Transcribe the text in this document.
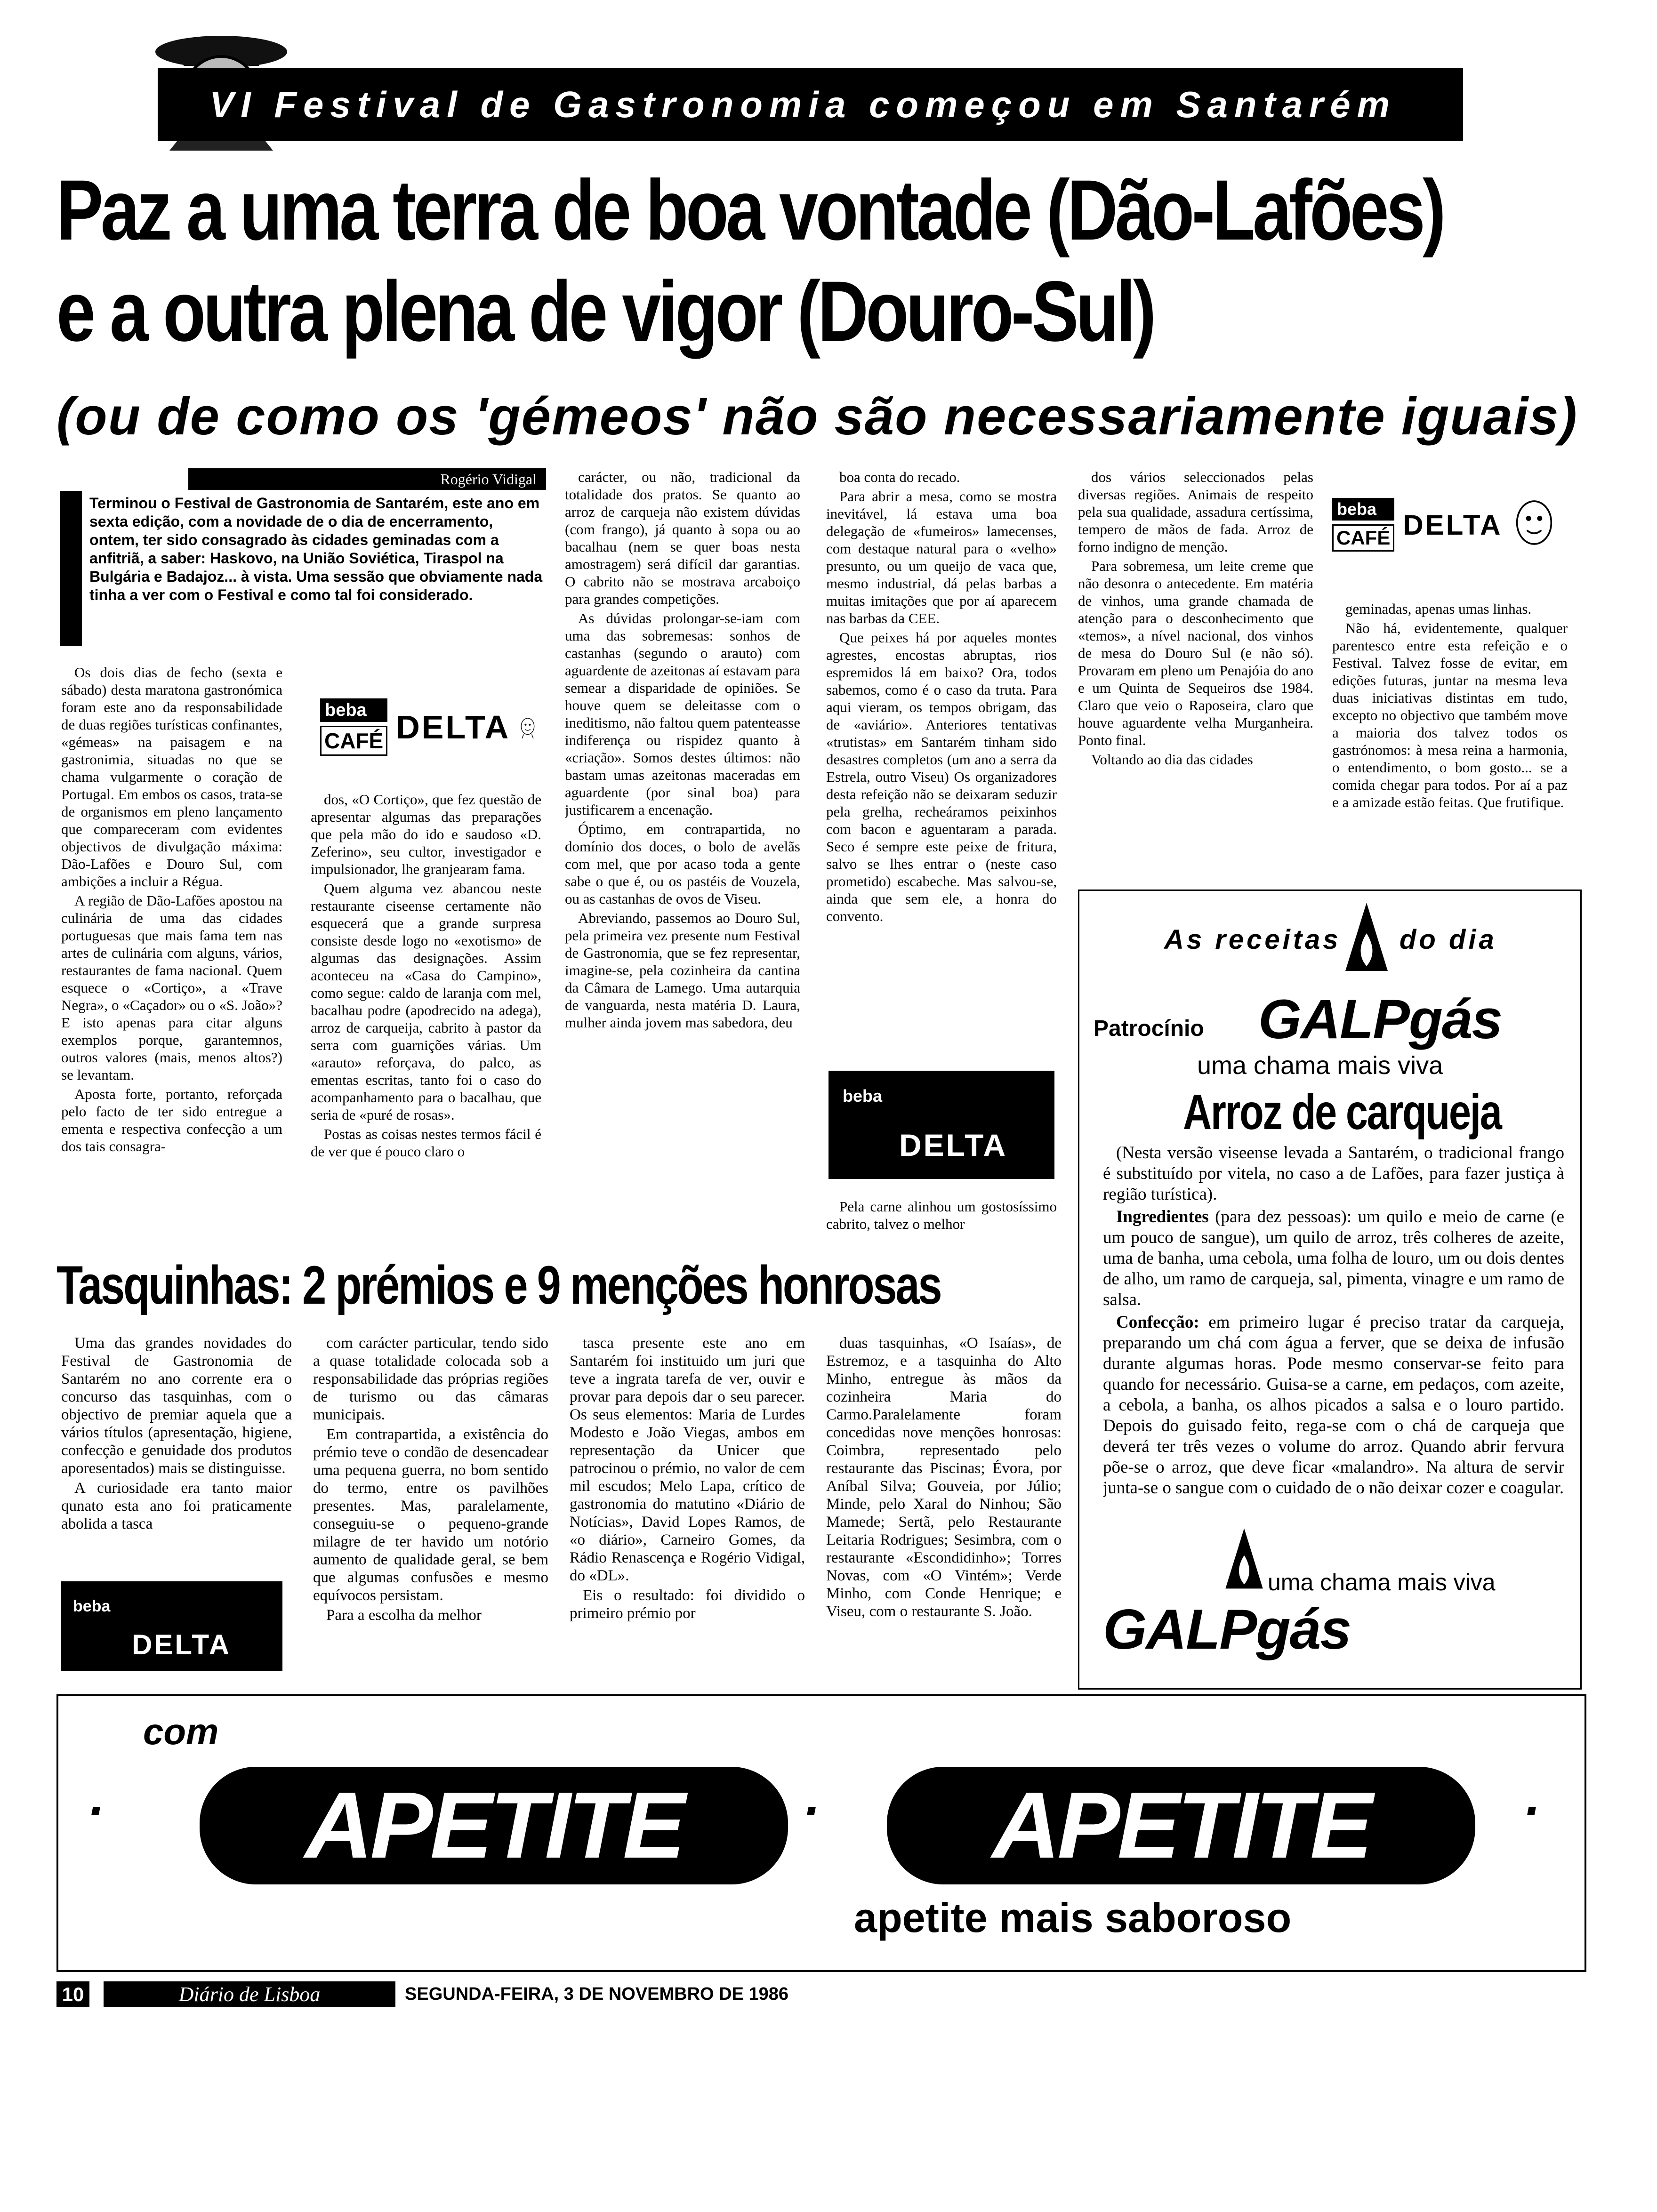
VI Festival de Gastronomia começou em Santarém
Paz a uma terra de boa vontade (Dão-Lafões)
e a outra plena de vigor (Douro-Sul)
(ou de como os 'gémeos' não são necessariamente iguais)
Rogério Vidigal
Terminou o Festival de Gastronomia de Santarém, este ano em sexta edição, com a novidade de o dia de encerramento, ontem, ter sido consagrado às cidades geminadas com a anfitriã, a saber: Haskovo, na União Soviética, Tiraspol na Bulgária e Badajoz... à vista. Uma sessão que obviamente nada tinha a ver com o Festival e como tal foi considerado.

Os dois dias de fecho (sexta e sábado) desta maratona gastronómica foram este ano da responsabilidade de duas regiões turísticas confinantes, «gémeas» na paisagem e na gastronimia, situadas no que se chama vulgarmente o coração de Portugal. Em embos os casos, trata-se de organismos em pleno lançamento que compareceram com evidentes objectivos de divulgação máxima: Dão-Lafões e Douro Sul, com ambições a incluir a Régua.

A região de Dão-Lafões apostou na culinária de uma das cidades portuguesas que mais fama tem nas artes de culinária com alguns, vários, restaurantes de fama nacional. Quem esquece o «Cortiço», a «Trave Negra», o «Caçador» ou o «S. João»? E isto apenas para citar alguns exemplos porque, garantemnos, outros valores (mais, menos altos?) se levantam.

Aposta forte, portanto, reforçada pelo facto de ter sido entregue a ementa e respectiva confecção a um dos tais consagra-

beba
CAFÉ DELTA

dos, «O Cortiço», que fez questão de apresentar algumas das preparações que pela mão do ido e saudoso «D. Zeferino», seu cultor, investigador e impulsionador, lhe granjearam fama.

Quem alguma vez abancou neste restaurante ciseense certamente não esquecerá que a grande surpresa consiste desde logo no «exotismo» de algumas das designações. Assim aconteceu na «Casa do Campino», como segue: caldo de laranja com mel, bacalhau podre (apodrecido na adega), arroz de carqueija, cabrito à pastor da serra com guarnições várias. Um «arauto» reforçava, do palco, as ementas escritas, tanto foi o caso do acompanhamento para o bacalhau, que seria de «puré de rosas».

Postas as coisas nestes termos fácil é de ver que é pouco claro o

carácter, ou não, tradicional da totalidade dos pratos. Se quanto ao arroz de carqueja não existem dúvidas (com frango), já quanto à sopa ou ao bacalhau (nem se quer boas nesta amostragem) será difícil dar garantias. O cabrito não se mostrava arcaboiço para grandes competições.

As dúvidas prolongar-se-iam com uma das sobremesas: sonhos de castanhas (segundo o arauto) com aguardente de azeitonas aí estavam para semear a disparidade de opiniões. Se houve quem se deleitasse com o ineditismo, não faltou quem patenteasse indiferença ou rispidez quanto à «criação». Somos destes últimos: não bastam umas azeitonas maceradas em aguardente (por sinal boa) para justificarem a encenação.

Óptimo, em contrapartida, no domínio dos doces, o bolo de avelãs com mel, que por acaso toda a gente sabe o que é, ou os pastéis de Vouzela, ou as castanhas de ovos de Viseu.

Abreviando, passemos ao Douro Sul, pela primeira vez presente num Festival de Gastronomia, que se fez representar, imagine-se, pela cozinheira da cantina da Câmara de Lamego. Uma autarquia de vanguarda, nesta matéria D. Laura, mulher ainda jovem mas sabedora, deu

boa conta do recado.

Para abrir a mesa, como se mostra inevitável, lá estava uma boa delegação de «fumeiros» lamecenses, com destaque natural para o «velho» presunto, ou um queijo de vaca que, mesmo industrial, dá pelas barbas a muitas imitações que por aí aparecem nas barbas da CEE.

Que peixes há por aqueles montes agrestes, encostas abruptas, rios espremidos lá em baixo? Ora, todos sabemos, como é o caso da truta. Para aqui vieram, os tempos obrigam, das de «aviário». Anteriores tentativas «trutistas» em Santarém tinham sido desastres completos (um ano a serra da Estrela, outro Viseu) Os organizadores desta refeição não se deixaram seduzir pela grelha, recheáramos peixinhos com bacon e aguentaram a parada. Seco é sempre este peixe de fritura, salvo se lhes entrar o (neste caso prometido) escabeche. Mas salvou-se, ainda que sem ele, a honra do convento.

beba
DELTA

Pela carne alinhou um gostosíssimo cabrito, talvez o melhor

dos vários seleccionados pelas diversas regiões. Animais de respeito pela sua qualidade, assadura certíssima, tempero de mãos de fada. Arroz de forno indigno de menção.

Para sobremesa, um leite creme que não desonra o antecedente. Em matéria de vinhos, uma grande chamada de atenção para o desconhecimento que «temos», a nível nacional, dos vinhos de mesa do Douro Sul (e não só). Provaram em pleno um Penajóia do ano e um Quinta de Sequeiros dse 1984. Claro que veio o Raposeira, claro que houve aguardente velha Murganheira. Ponto final.

Voltando ao dia das cidades

beba
CAFÉ DELTA

geminadas, apenas umas linhas.

Não há, evidentemente, qualquer parentesco entre esta refeição e o Festival. Talvez fosse de evitar, em edições futuras, juntar na mesma leva duas iniciativas distintas em tudo, excepto no objectivo que também move a maioria dos talvez todos os gastrónomos: à mesa reina a harmonia, o entendimento, o bom gosto... se a comida chegar para todos. Por aí a paz e a amizade estão feitas. Que frutifique.

As receitas do dia
Patrocínio GALPgás
uma chama mais viva
Arroz de carqueja

(Nesta versão viseense levada a Santarém, o tradicional frango é substituído por vitela, no caso a de Lafões, para fazer justiça à região turística).

Ingredientes (para dez pessoas): um quilo e meio de carne (e um pouco de sangue), um quilo de arroz, três colheres de azeite, uma de banha, uma cebola, uma folha de louro, um ou dois dentes de alho, um ramo de carqueja, sal, pimenta, vinagre e um ramo de salsa.

Confecção: em primeiro lugar é preciso tratar da carqueja, preparando um chá com água a ferver, que se deixa de infusão durante algumas horas. Pode mesmo conservar-se feito para quando for necessário. Guisa-se a carne, em pedaços, com azeite, a cebola, a banha, os alhos picados a salsa e o louro partido. Depois do guisado feito, rega-se com o chá de carqueja que deverá ter três vezes o volume do arroz. Quando abrir fervura põe-se o arroz, que deve ficar «malandro». Na altura de servir junta-se o sangue com o cuidado de o não deixar cozer e coagular.

uma chama mais viva
GALPgás
Tasquinhas: 2 prémios e 9 menções honrosas

Uma das grandes novidades do Festival de Gastronomia de Santarém no ano corrente era o concurso das tasquinhas, com o objectivo de premiar aquela que a vários títulos (apresentação, higiene, confecção e genuidade dos produtos aporesentados) mais se distinguisse.

A curiosidade era tanto maior qunato esta ano foi praticamente abolida a tasca

beba
DELTA

com carácter particular, tendo sido a quase totalidade colocada sob a responsabilidade das próprias regiões de turismo ou das câmaras municipais.

Em contrapartida, a existência do prémio teve o condão de desencadear uma pequena guerra, no bom sentido do termo, entre os pavilhões presentes. Mas, paralelamente, conseguiu-se o pequeno-grande milagre de ter havido um notório aumento de qualidade geral, se bem que algumas confusões e mesmo equívocos persistam.

Para a escolha da melhor

tasca presente este ano em Santarém foi instituido um juri que teve a ingrata tarefa de ver, ouvir e provar para depois dar o seu parecer. Os seus elementos: Maria de Lurdes Modesto e João Viegas, ambos em representação da Unicer que patrocinou o prémio, no valor de cem mil escudos; Melo Lapa, crítico de gastronomia do matutino «Diário de Notícias», David Lopes Ramos, de «o diário», Carneiro Gomes, da Rádio Renascença e Rogério Vidigal, do «DL».

Eis o resultado: foi dividido o primeiro prémio por

duas tasquinhas, «O Isaías», de Estremoz, e a tasquinha do Alto Minho, entregue às mãos da cozinheira Maria do Carmo.Paralelamente foram concedidas nove menções honrosas: Coimbra, representado pelo restaurante das Piscinas; Évora, por Aníbal Silva; Gouveia, por Júlio; Minde, pelo Xaral do Ninhou; São Mamede; Sertã, pelo Restaurante Leitaria Rodrigues; Sesimbra, com o restaurante «Escondidinho»; Torres Novas, com «O Vintém»; Verde Minho, com Conde Henrique; e Viseu, com o restaurante S. João.

com
·	APETITE	·	APETITE	·
apetite mais saboroso
10	Diário de Lisboa	SEGUNDA-FEIRA, 3 DE NOVEMBRO DE 1986
